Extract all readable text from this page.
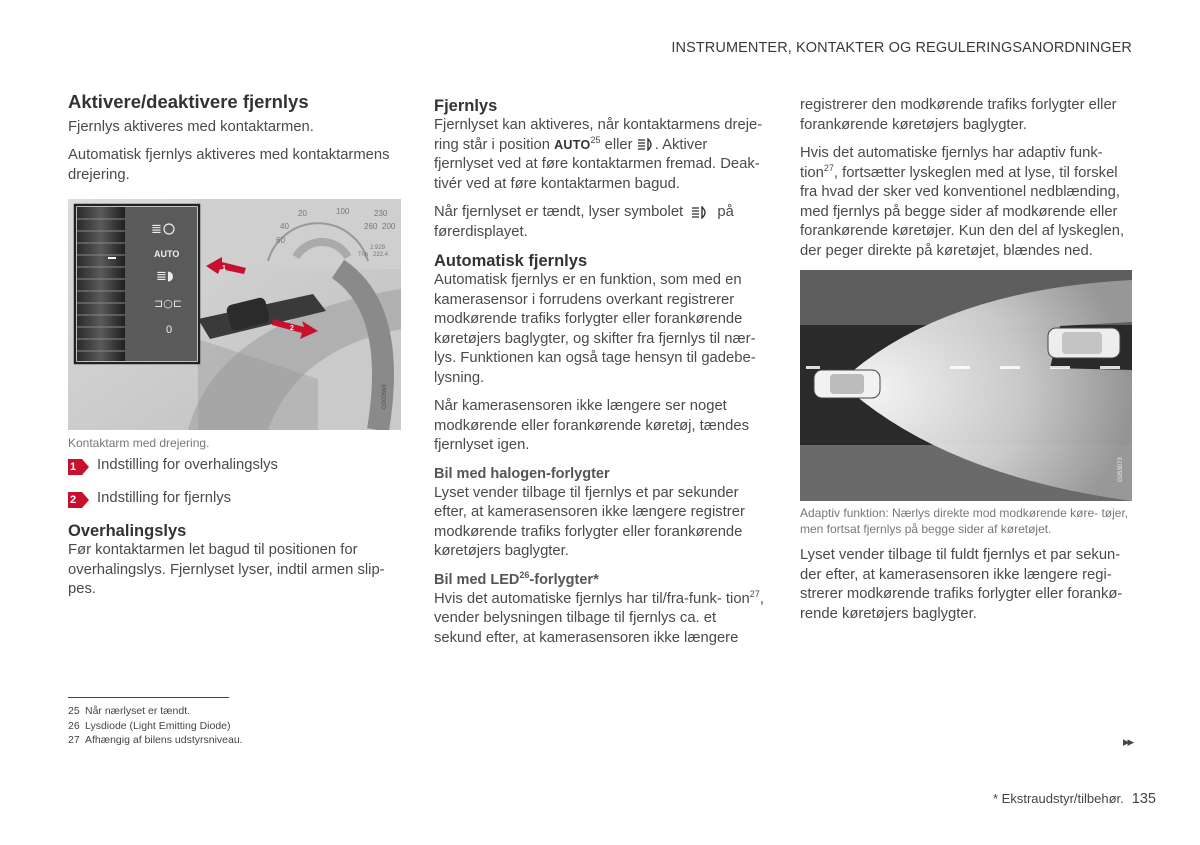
INSTRUMENTER, KONTAKTER OG REGULERINGSANORDNINGER
Aktivere/deaktivere fjernlys

Fjernlys aktiveres med kontaktarmen.

Automatisk fjernlys aktiveres med kontaktarmens drejering.

20	100	230
40	200
60
260
2.929
Trip 222.4
1
2
G000669
≣
AUTO
≣◗
⊐○⊏
0
Kontaktarm med drejering.
1 Indstilling for overhalingslys
2 Indstilling for fjernlys
Overhalingslys

Før kontaktarmen let bagud til positionen for overhalingslys. Fjernlyset lyser, indtil armen slip- pes.

Fjernlys

Fjernlyset kan aktiveres, når kontaktarmens dreje- ring står i position AUTO$^{25}$ eller . Aktiver fjernlyset ved at føre kontaktarmen fremad. Deak- tivér ved at føre kontaktarmen bagud.

Når fjernlyset er tændt, lyser symbolet på førerdisplayet.

Automatisk fjernlys

Automatisk fjernlys er en funktion, som med en kamerasensor i forrudens overkant registrerer modkørende trafiks forlygter eller forankørende køretøjers baglygter, og skifter fra fjernlys til nær- lys. Funktionen kan også tage hensyn til gadebe- lysning.

Når kamerasensoren ikke længere ser noget modkørende eller forankørende køretøj, tændes fjernlyset igen.

Bil med halogen-forlygter

Lyset vender tilbage til fjernlys et par sekunder efter, at kamerasensoren ikke længere registrer modkørende trafiks forlygter eller forankørende køretøjers baglygter.

Bil med LED$^{26}$-forlygter*

Hvis det automatiske fjernlys har til/fra-funk- tion$^{27}$, vender belysningen tilbage til fjernlys ca. et sekund efter, at kamerasensoren ikke længere

registrerer den modkørende trafiks forlygter eller forankørende køretøjers baglygter.

Hvis det automatiske fjernlys har adaptiv funk- tion$^{27}$, fortsætter lyskeglen med at lyse, til forskel fra hvad der sker ved konventionel nedblænding, med fjernlys på begge sider af modkørende eller forankørende køretøjer. Kun den del af lyskeglen, der peger direkte på køretøjet, blændes ned.

G053073
Adaptiv funktion: Nærlys direkte mod modkørende køre- tøjer, men fortsat fjernlys på begge sider af køretøjet.

Lyset vender tilbage til fuldt fjernlys et par sekun- der efter, at kamerasensoren ikke længere regi- strerer modkørende trafiks forlygter eller forankø- rende køretøjers baglygter.

25 Når nærlyset er tændt.
26 Lysdiode (Light Emitting Diode)
27 Afhængig af bilens udstyrsniveau.	▸▸
* Ekstraudstyr/tilbehør. 135
